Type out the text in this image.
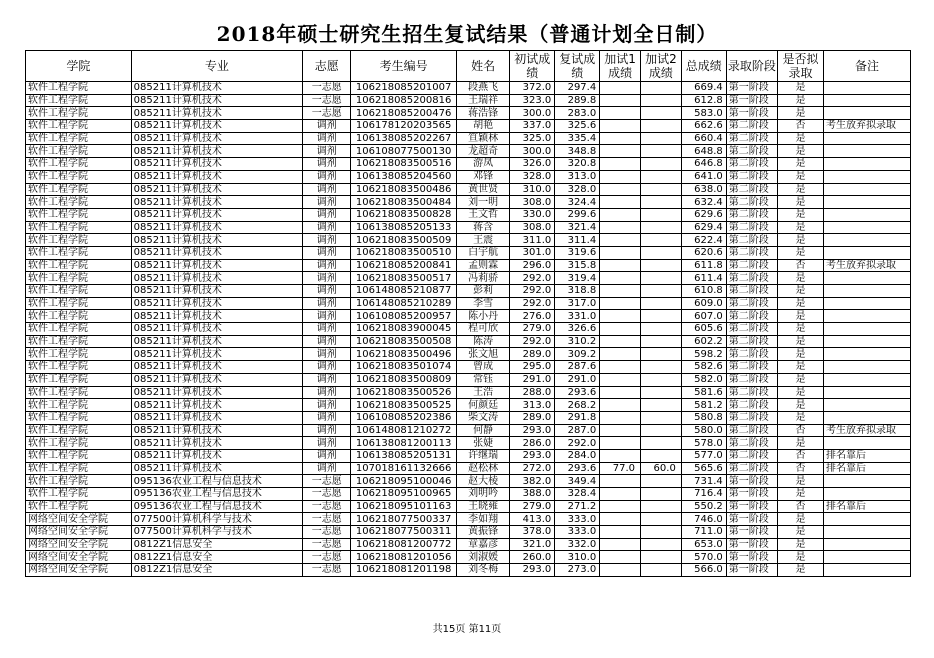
2018年硕士研究生招生复试结果（普通计划全日制）
学院	专业	志愿	考生编号	姓名	初试成绩	复试成绩	加试1成绩	加试2成绩	总成绩	录取阶段	是否拟录取	备注
软件工程学院	085211计算机技术	一志愿	106218085201007	段燕飞	372.0	297.4			669.4	第一阶段	是	
软件工程学院	085211计算机技术	一志愿	106218085200816	王瑞祥	323.0	289.8			612.8	第一阶段	是	
软件工程学院	085211计算机技术	一志愿	106218085200476	蒋浩锋	300.0	283.0			583.0	第一阶段	是	
软件工程学院	085211计算机技术	调剂	106178120203565	胡艳	337.0	325.6			662.6	第二阶段	否	考生放弃拟录取
软件工程学院	085211计算机技术	调剂	106138085202267	笪颖林	325.0	335.4			660.4	第二阶段	是	
软件工程学院	085211计算机技术	调剂	106108077500130	龙超奇	300.0	348.8			648.8	第二阶段	是	
软件工程学院	085211计算机技术	调剂	106218083500516	游凤	326.0	320.8			646.8	第二阶段	是	
软件工程学院	085211计算机技术	调剂	106138085204560	邓锋	328.0	313.0			641.0	第二阶段	是	
软件工程学院	085211计算机技术	调剂	106218083500486	黄世贤	310.0	328.0			638.0	第二阶段	是	
软件工程学院	085211计算机技术	调剂	106218083500484	刘一明	308.0	324.4			632.4	第二阶段	是	
软件工程学院	085211计算机技术	调剂	106218083500828	王文哲	330.0	299.6			629.6	第二阶段	是	
软件工程学院	085211计算机技术	调剂	106138085205133	蒋含	308.0	321.4			629.4	第二阶段	是	
软件工程学院	085211计算机技术	调剂	106218083500509	王震	311.0	311.4			622.4	第二阶段	是	
软件工程学院	085211计算机技术	调剂	106218083500510	白宇航	301.0	319.6			620.6	第二阶段	是	
软件工程学院	085211计算机技术	调剂	106218085200841	孟则霖	296.0	315.8			611.8	第二阶段	否	考生放弃拟录取
软件工程学院	085211计算机技术	调剂	106218083500517	冯莉骄	292.0	319.4			611.4	第二阶段	是	
软件工程学院	085211计算机技术	调剂	106148085210877	彭莉	292.0	318.8			610.8	第二阶段	是	
软件工程学院	085211计算机技术	调剂	106148085210289	李雪	292.0	317.0			609.0	第二阶段	是	
软件工程学院	085211计算机技术	调剂	106108085200957	陈小丹	276.0	331.0			607.0	第二阶段	是	
软件工程学院	085211计算机技术	调剂	106218083900045	程可欣	279.0	326.6			605.6	第二阶段	是	
软件工程学院	085211计算机技术	调剂	106218083500508	陈涛	292.0	310.2			602.2	第二阶段	是	
软件工程学院	085211计算机技术	调剂	106218083500496	张文旭	289.0	309.2			598.2	第二阶段	是	
软件工程学院	085211计算机技术	调剂	106218083501074	曾成	295.0	287.6			582.6	第二阶段	是	
软件工程学院	085211计算机技术	调剂	106218083500809	常钰	291.0	291.0			582.0	第二阶段	是	
软件工程学院	085211计算机技术	调剂	106218083500526	王浩	288.0	293.6			581.6	第二阶段	是	
软件工程学院	085211计算机技术	调剂	106218083500525	何颜廷	313.0	268.2			581.2	第二阶段	是	
软件工程学院	085211计算机技术	调剂	106108085202386	柴文涛	289.0	291.8			580.8	第二阶段	是	
软件工程学院	085211计算机技术	调剂	106148081210272	何静	293.0	287.0			580.0	第二阶段	否	考生放弃拟录取
软件工程学院	085211计算机技术	调剂	106138081200113	张婕	286.0	292.0			578.0	第二阶段	是	
软件工程学院	085211计算机技术	调剂	106138085205131	许继瑞	293.0	284.0			577.0	第二阶段	否	排名靠后
软件工程学院	085211计算机技术	调剂	107018161132666	赵松林	272.0	293.6	77.0	60.0	565.6	第二阶段	否	排名靠后
软件工程学院	095136农业工程与信息技术	一志愿	106218095100046	赵大棱	382.0	349.4			731.4	第一阶段	是	
软件工程学院	095136农业工程与信息技术	一志愿	106218095100965	刘明吟	388.0	328.4			716.4	第一阶段	是	
软件工程学院	095136农业工程与信息技术	一志愿	106218095101163	王晓雍	279.0	271.2			550.2	第一阶段	否	排名靠后
网络空间安全学院	077500计算机科学与技术	一志愿	106218077500337	李如翔	413.0	333.0			746.0	第一阶段	是	
网络空间安全学院	077500计算机科学与技术	一志愿	106218077500311	黄振锋	378.0	333.0			711.0	第一阶段	是	
网络空间安全学院	0812Z1信息安全	一志愿	106218081200772	章嘉彦	321.0	332.0			653.0	第一阶段	是	
网络空间安全学院	0812Z1信息安全	一志愿	106218081201056	刘淑媛	260.0	310.0			570.0	第一阶段	是	
网络空间安全学院	0812Z1信息安全	一志愿	106218081201198	刘冬梅	293.0	273.0			566.0	第一阶段	是	
共15页 第11页
